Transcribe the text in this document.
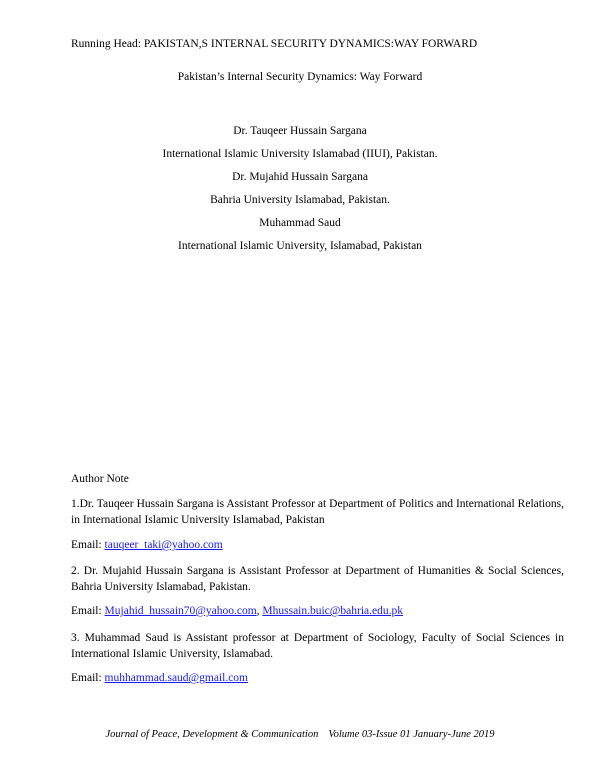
Running Head: PAKISTAN,S INTERNAL SECURITY DYNAMICS:WAY FORWARD
Pakistan’s Internal Security Dynamics: Way Forward
Dr. Tauqeer Hussain Sargana
International Islamic University Islamabad (IIUI), Pakistan.
Dr. Mujahid Hussain Sargana
Bahria University Islamabad, Pakistan.
Muhammad Saud
International Islamic University, Islamabad, Pakistan
Author Note
1.Dr. Tauqeer Hussain Sargana is Assistant Professor at Department of Politics and International Relations, in International Islamic University Islamabad, Pakistan
Email: tauqeer_taki@yahoo.com
2. Dr. Mujahid Hussain Sargana is Assistant Professor at Department of Humanities & Social Sciences, Bahria University Islamabad, Pakistan.
Email: Mujahid_hussain70@yahoo.com, Mhussain.buic@bahria.edu.pk
3. Muhammad Saud is Assistant professor at Department of Sociology, Faculty of Social Sciences in International Islamic University, Islamabad.
Email: muhhammad.saud@gmail.com
Journal of Peace, Development & Communication Volume 03-Issue 01 January-June 2019
